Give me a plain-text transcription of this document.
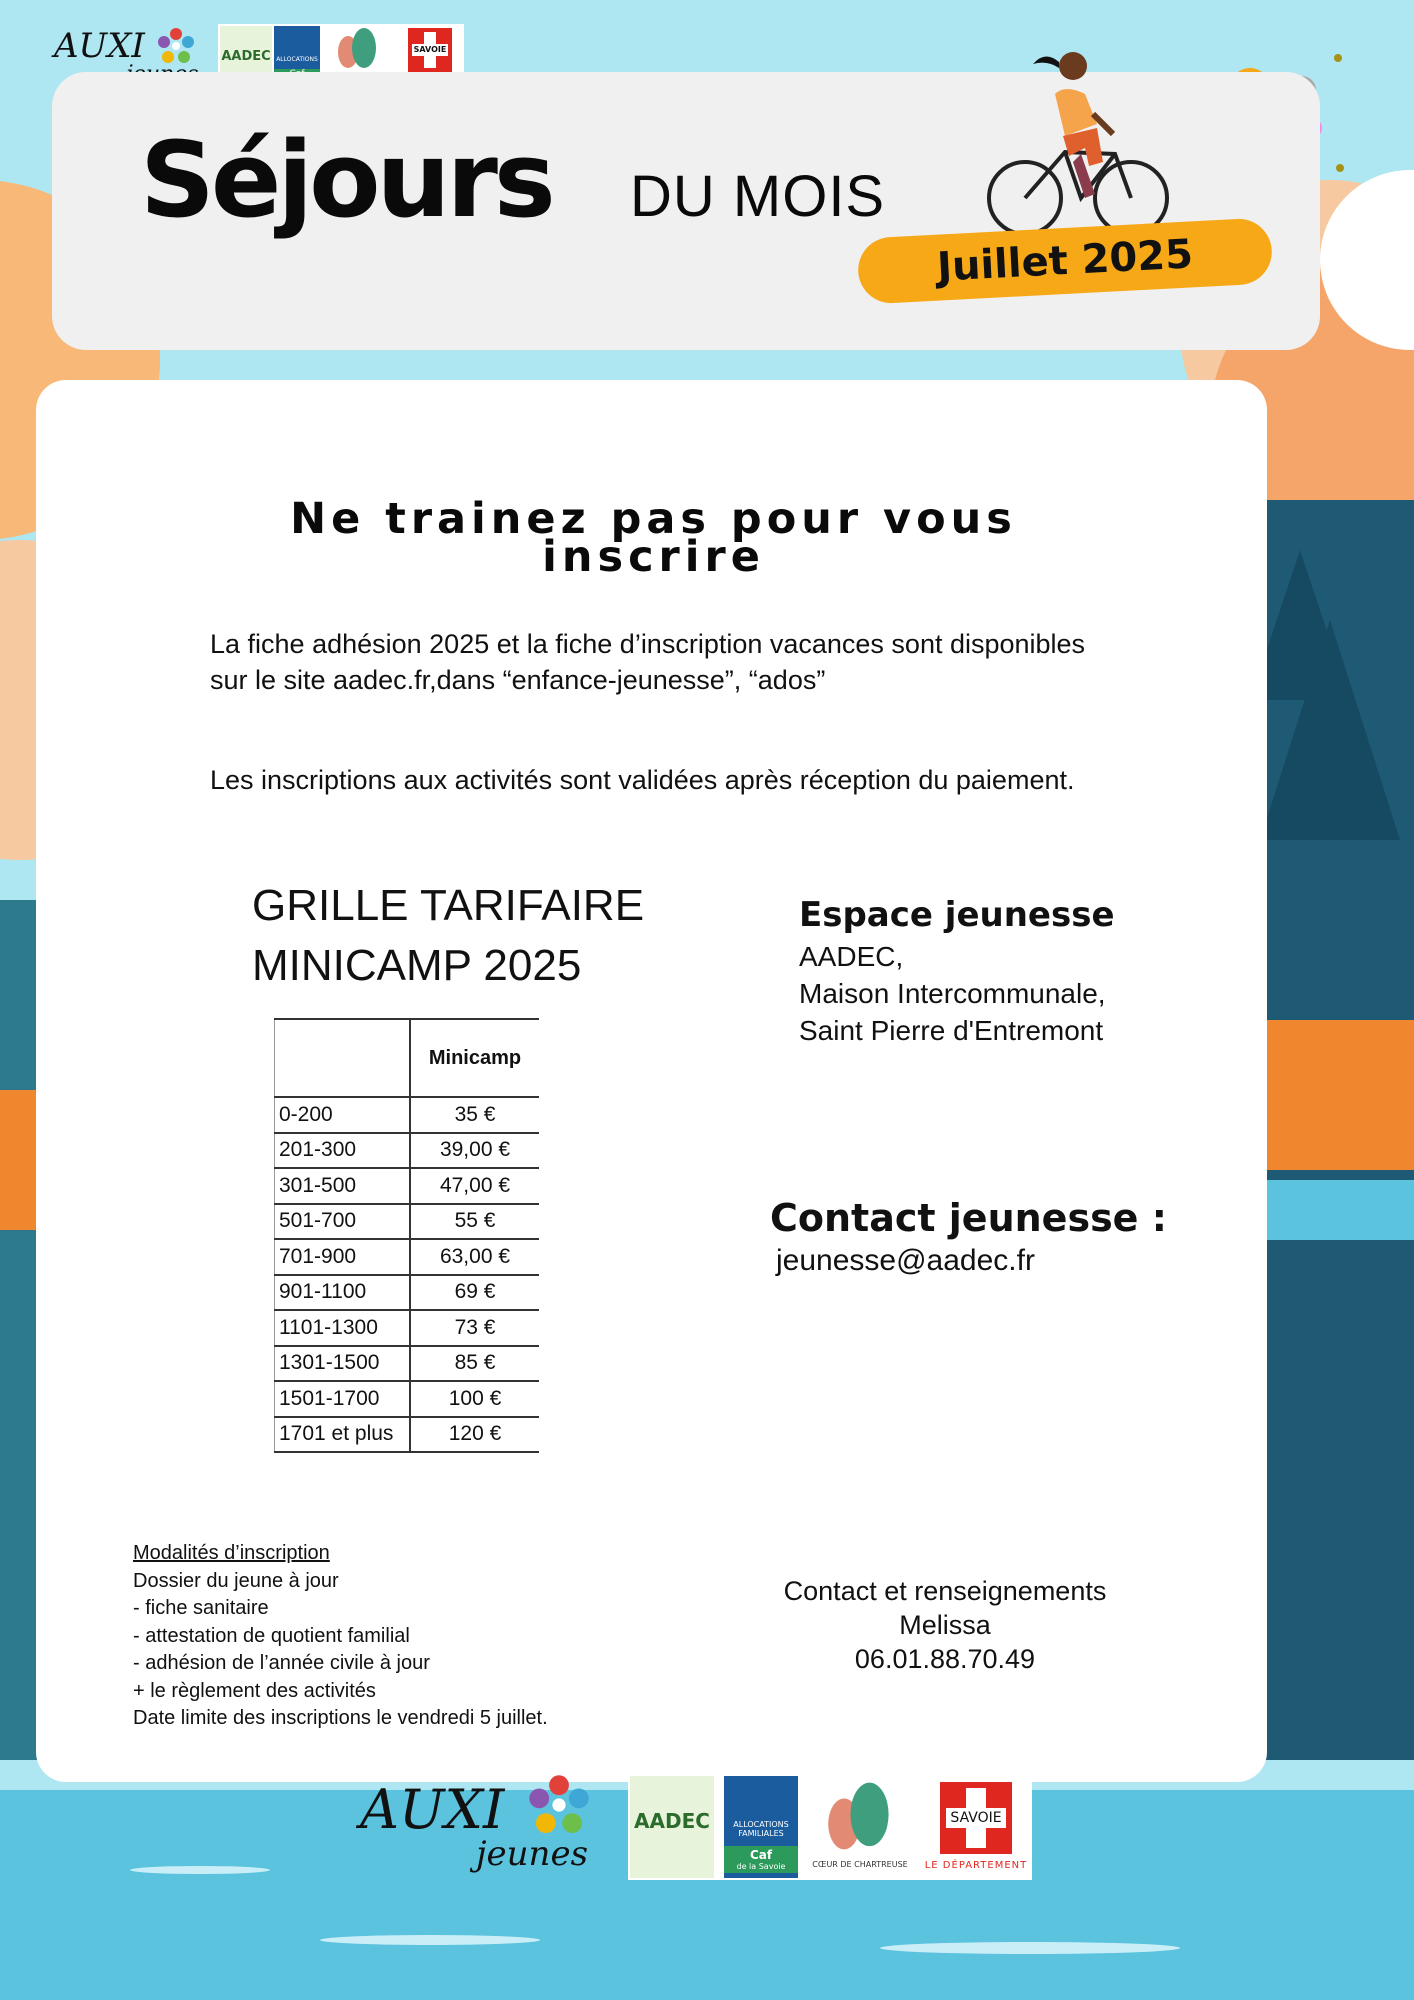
AUXI	AADEC ALLOCATIONS
SAVOIE
Séjours DU MOIS
Juillet 2025
Ne trainez pas pour vous inscrire
La fiche adhésion 2025 et la fiche d’inscription vacances sont disponibles sur le site aadec.fr,dans “enfance-jeunesse”, “ados”
Les inscriptions aux activités sont validées après réception du paiement.
GRILLE TARIFAIRE
MINICAMP 2025
	Minicamp
0-200	35 €
201-300	39,00 €
301-500	47,00 €
501-700	55 €
701-900	63,00 €
901-1100	69 €
1101-1300	73 €
1301-1500	85 €
1501-1700	100 €
1701 et plus	120 €
Espace jeunesse
AADEC,
Maison Intercommunale,
Saint Pierre d'Entremont
Contact jeunesse :
jeunesse@aadec.fr
Modalités d’inscription
Dossier du jeune à jour
- fiche sanitaire
- attestation de quotient familial
- adhésion de l’année civile à jour
+ le règlement des activités
Date limite des inscriptions le vendredi 5 juillet.
Contact et renseignements
Melissa
06.01.88.70.49
AUXI
jeunes
AADEC	ALLOCATIONS
FAMILIALES
Caf
de la Savoie	CŒUR DE CHARTREUSE
SAVOIE
LE DÉPARTEMENT
